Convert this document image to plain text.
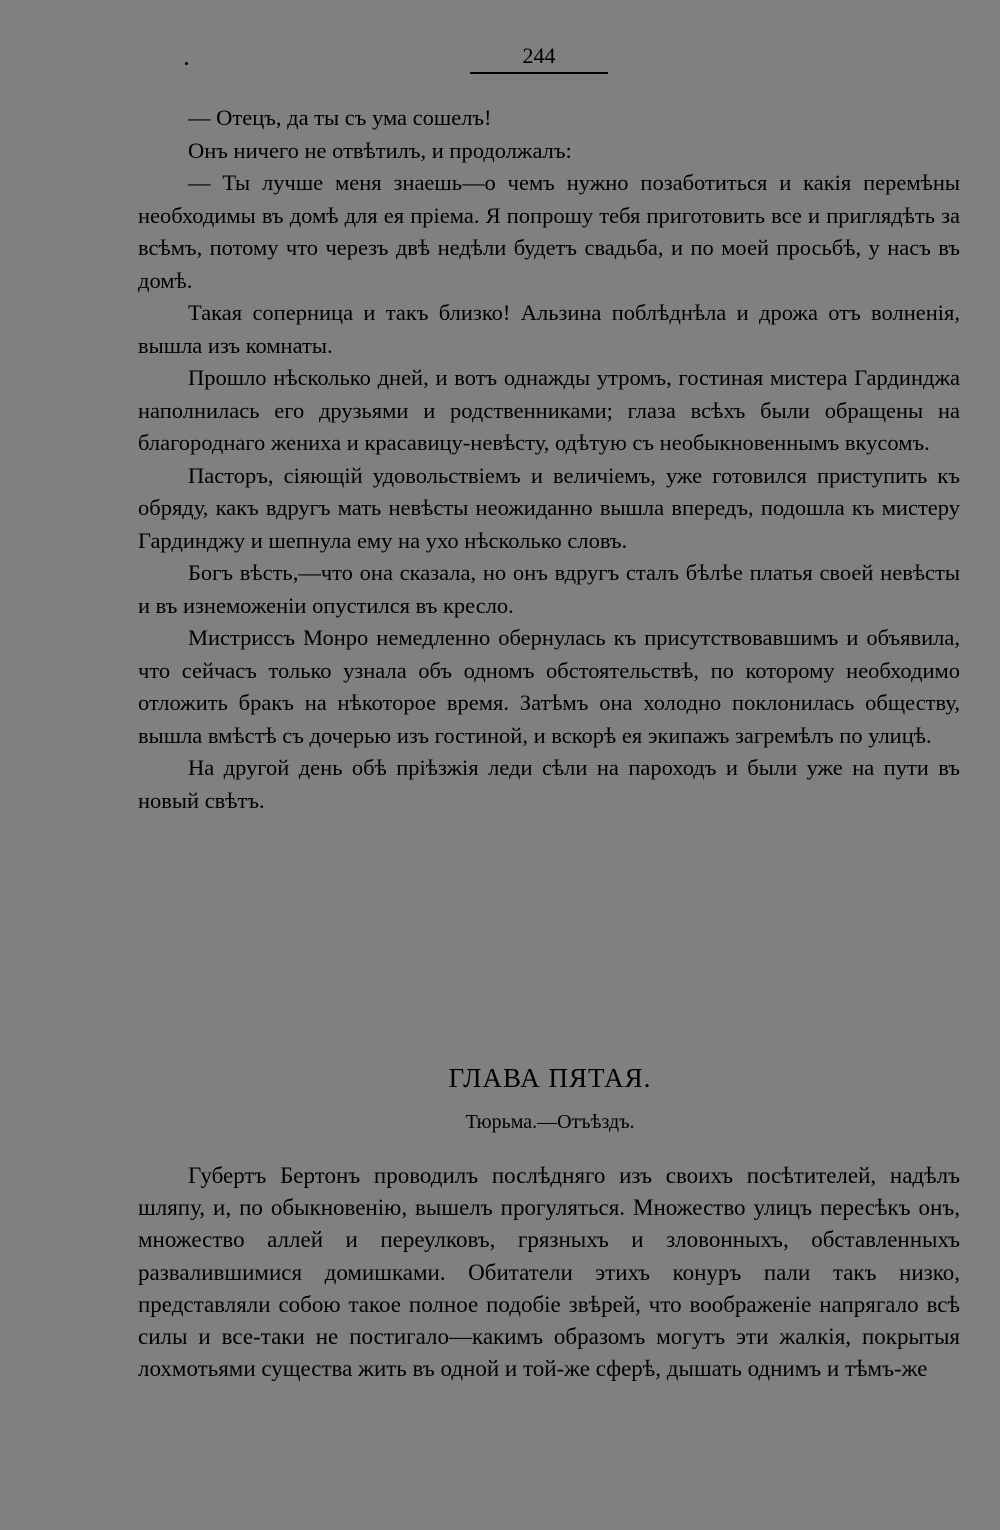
244

— Отецъ, да ты съ ума сошелъ!

Онъ ничего не отвѣтилъ, и продолжалъ:

— Ты лучше меня знаешь—о чемъ нужно позаботиться и какія перемѣны необходимы въ домѣ для ея пріема. Я попрошу тебя приготовить все и приглядѣть за всѣмъ, потому что черезъ двѣ недѣли будетъ свадьба, и по моей просьбѣ, у насъ въ домѣ.

Такая соперница и такъ близко! Альзина поблѣднѣла и дрожа отъ волненія, вышла изъ комнаты.

Прошло нѣсколько дней, и вотъ однажды утромъ, гостиная мистера Гардинджа наполнилась его друзьями и родственниками; глаза всѣхъ были обращены на благороднаго жениха и красавицу-невѣсту, одѣтую съ необыкновеннымъ вкусомъ.

Пасторъ, сіяющій удовольствіемъ и величіемъ, уже готовился приступить къ обряду, какъ вдругъ мать невѣсты неожиданно вышла впередъ, подошла къ мистеру Гардинджу и шепнула ему на ухо нѣсколько словъ.

Богъ вѣсть,—что она сказала, но онъ вдругъ сталъ бѣлѣе платья своей невѣсты и въ изнеможеніи опустился въ кресло.

Мистриссъ Монро немедленно обернулась къ присутствовавшимъ и объявила, что сейчасъ только узнала объ одномъ обстоятельствѣ, по которому необходимо отложить бракъ на нѣкоторое время. Затѣмъ она холодно поклонилась обществу, вышла вмѣстѣ съ дочерью изъ гостиной, и вскорѣ ея экипажъ загремѣлъ по улицѣ.

На другой день обѣ пріѣзжія леди сѣли на пароходъ и были уже на пути въ новый свѣтъ.

ГЛАВА ПЯТАЯ.
Тюрьма.—Отъѣздъ.

Губертъ Бертонъ проводилъ послѣдняго изъ своихъ посѣтителей, надѣлъ шляпу, и, по обыкновенію, вышелъ прогуляться. Множество улицъ пересѣкъ онъ, множество аллей и переулковъ, грязныхъ и зловонныхъ, обставленныхъ развалившимися домишками. Обитатели этихъ конуръ пали такъ низко, представляли собою такое полное подобіе звѣрей, что воображеніе напрягало всѣ силы и все-таки не постигало—какимъ образомъ могутъ эти жалкія, покрытыя лохмотьями существа жить въ одной и той-же сферѣ, дышать однимъ и тѣмъ-же
